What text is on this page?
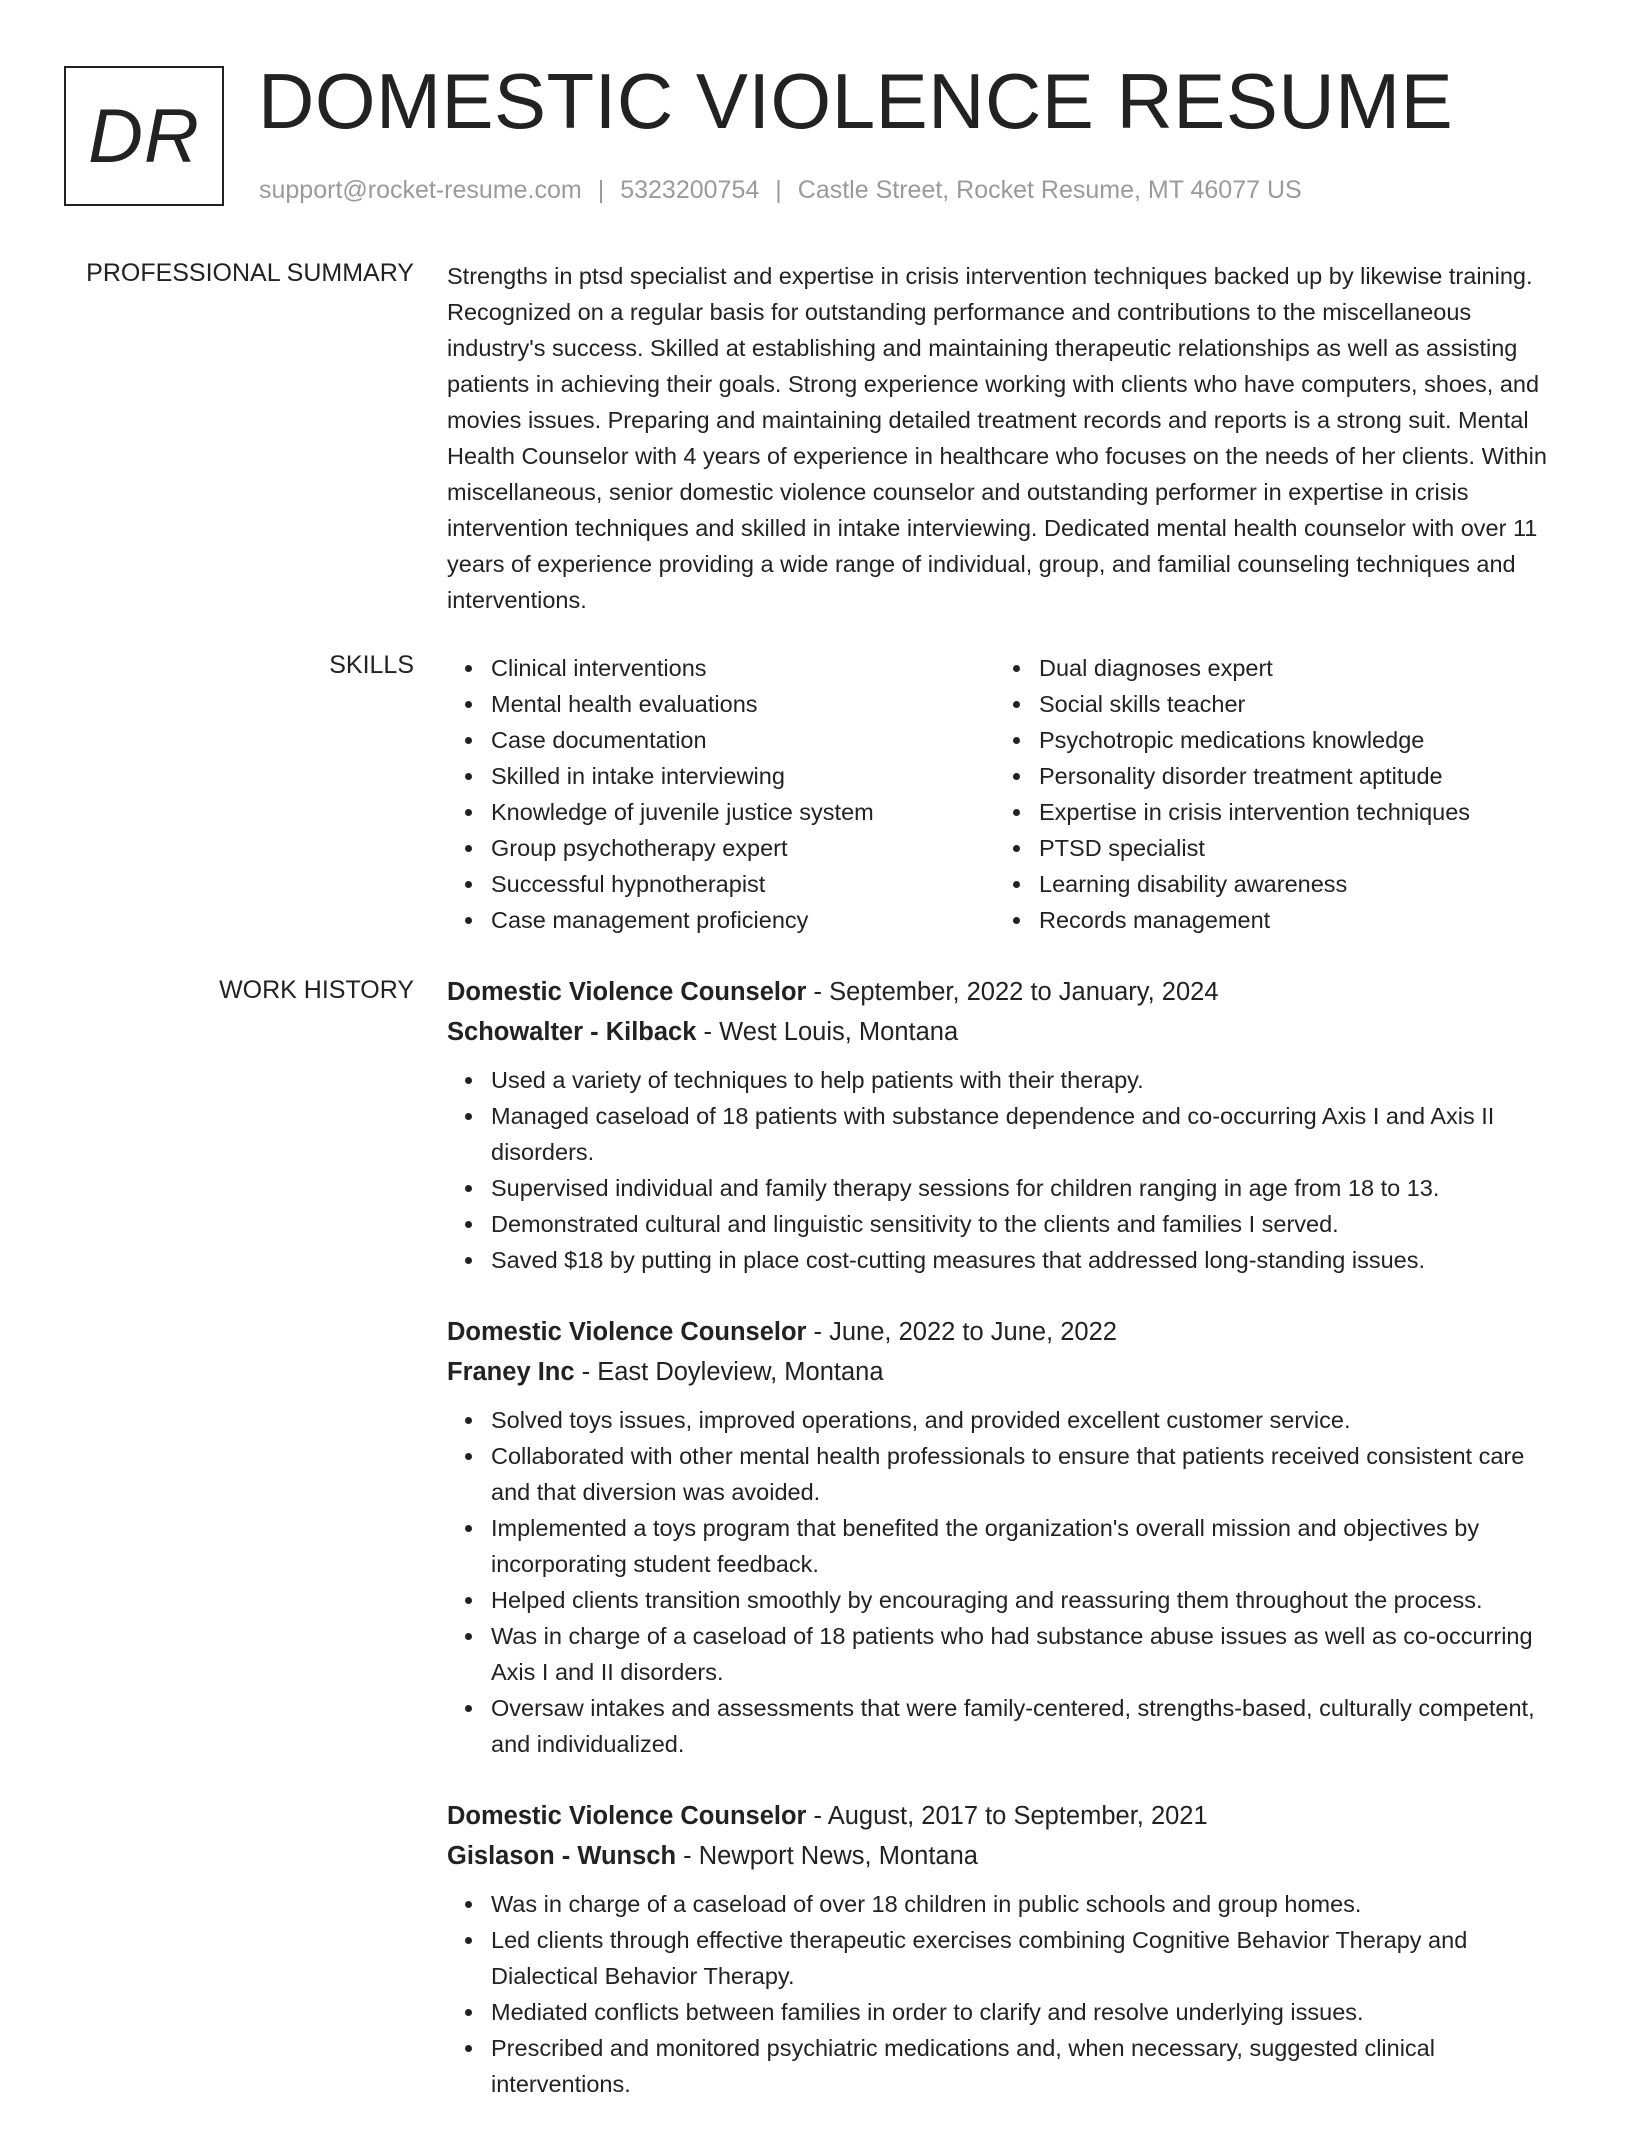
DR DOMESTIC VIOLENCE RESUME
support@rocket-resume.com | 5323200754 | Castle Street, Rocket Resume, MT 46077 US
PROFESSIONAL SUMMARY Strengths in ptsd specialist and expertise in crisis intervention techniques backed up by likewise training. Recognized on a regular basis for outstanding performance and contributions to the miscellaneous industry's success. Skilled at establishing and maintaining therapeutic relationships as well as assisting patients in achieving their goals. Strong experience working with clients who have computers, shoes, and movies issues. Preparing and maintaining detailed treatment records and reports is a strong suit. Mental Health Counselor with 4 years of experience in healthcare who focuses on the needs of her clients. Within miscellaneous, senior domestic violence counselor and outstanding performer in expertise in crisis intervention techniques and skilled in intake interviewing. Dedicated mental health counselor with over 11 years of experience providing a wide range of individual, group, and familial counseling techniques and interventions.

SKILLS	Clinical interventions
Mental health evaluations
Case documentation
Skilled in intake interviewing
Knowledge of juvenile justice system
Group psychotherapy expert
Successful hypnotherapist
Case management proficiency
Dual diagnoses expert
Social skills teacher
Psychotropic medications knowledge
Personality disorder treatment aptitude
Expertise in crisis intervention techniques
PTSD specialist
Learning disability awareness
Records management
WORK HISTORY Domestic Violence Counselor - September, 2022 to January, 2024
Schowalter - Kilback - West Louis, Montana
Used a variety of techniques to help patients with their therapy.
Managed caseload of 18 patients with substance dependence and co-occurring Axis I and Axis II disorders.
Supervised individual and family therapy sessions for children ranging in age from 18 to 13.
Demonstrated cultural and linguistic sensitivity to the clients and families I served.
Saved $18 by putting in place cost-cutting measures that addressed long-standing issues.
Domestic Violence Counselor - June, 2022 to June, 2022
Franey Inc - East Doyleview, Montana
Solved toys issues, improved operations, and provided excellent customer service.
Collaborated with other mental health professionals to ensure that patients received consistent care and that diversion was avoided.
Implemented a toys program that benefited the organization's overall mission and objectives by incorporating student feedback.
Helped clients transition smoothly by encouraging and reassuring them throughout the process.
Was in charge of a caseload of 18 patients who had substance abuse issues as well as co-occurring Axis I and II disorders.
Oversaw intakes and assessments that were family-centered, strengths-based, culturally competent, and individualized.
Domestic Violence Counselor - August, 2017 to September, 2021
Gislason - Wunsch - Newport News, Montana
Was in charge of a caseload of over 18 children in public schools and group homes.
Led clients through effective therapeutic exercises combining Cognitive Behavior Therapy and Dialectical Behavior Therapy.
Mediated conflicts between families in order to clarify and resolve underlying issues.
Prescribed and monitored psychiatric medications and, when necessary, suggested clinical interventions.
